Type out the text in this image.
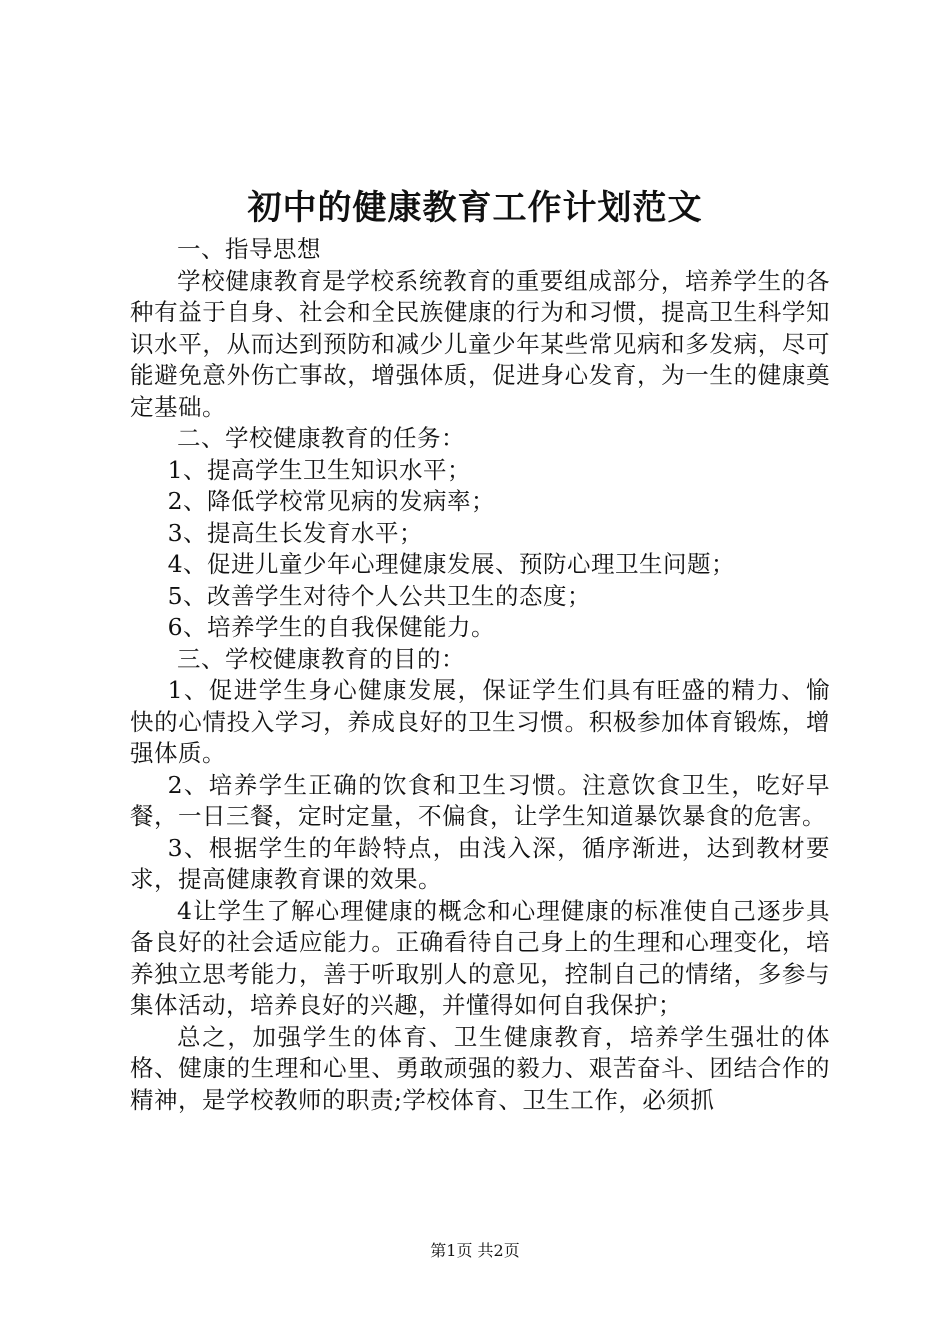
初中的健康教育工作计划范文

一、指导思想

学校健康教育是学校系统教育的重要组成部分，培养学生的各种有益于自身、社会和全民族健康的行为和习惯，提高卫生科学知识水平，从而达到预防和减少儿童少年某些常见病和多发病，尽可能避免意外伤亡事故，增强体质，促进身心发育，为一生的健康奠定基础。

二、学校健康教育的任务：

1、提高学生卫生知识水平；

2、降低学校常见病的发病率；

3、提高生长发育水平；

4、促进儿童少年心理健康发展、预防心理卫生问题；

5、改善学生对待个人公共卫生的态度；

6、培养学生的自我保健能力。

三、学校健康教育的目的：

1、促进学生身心健康发展，保证学生们具有旺盛的精力、愉快的心情投入学习，养成良好的卫生习惯。积极参加体育锻炼，增强体质。

2、培养学生正确的饮食和卫生习惯。注意饮食卫生，吃好早餐，一日三餐，定时定量，不偏食，让学生知道暴饮暴食的危害。

3、根据学生的年龄特点，由浅入深，循序渐进，达到教材要求，提高健康教育课的效果。

4让学生了解心理健康的概念和心理健康的标准使自己逐步具备良好的社会适应能力。正确看待自己身上的生理和心理变化，培养独立思考能力，善于听取别人的意见，控制自己的情绪，多参与集体活动，培养良好的兴趣，并懂得如何自我保护；

总之，加强学生的体育、卫生健康教育，培养学生强壮的体格、健康的生理和心里、勇敢顽强的毅力、艰苦奋斗、团结合作的精神，是学校教师的职责;学校体育、卫生工作，必须抓

第1页 共2页
